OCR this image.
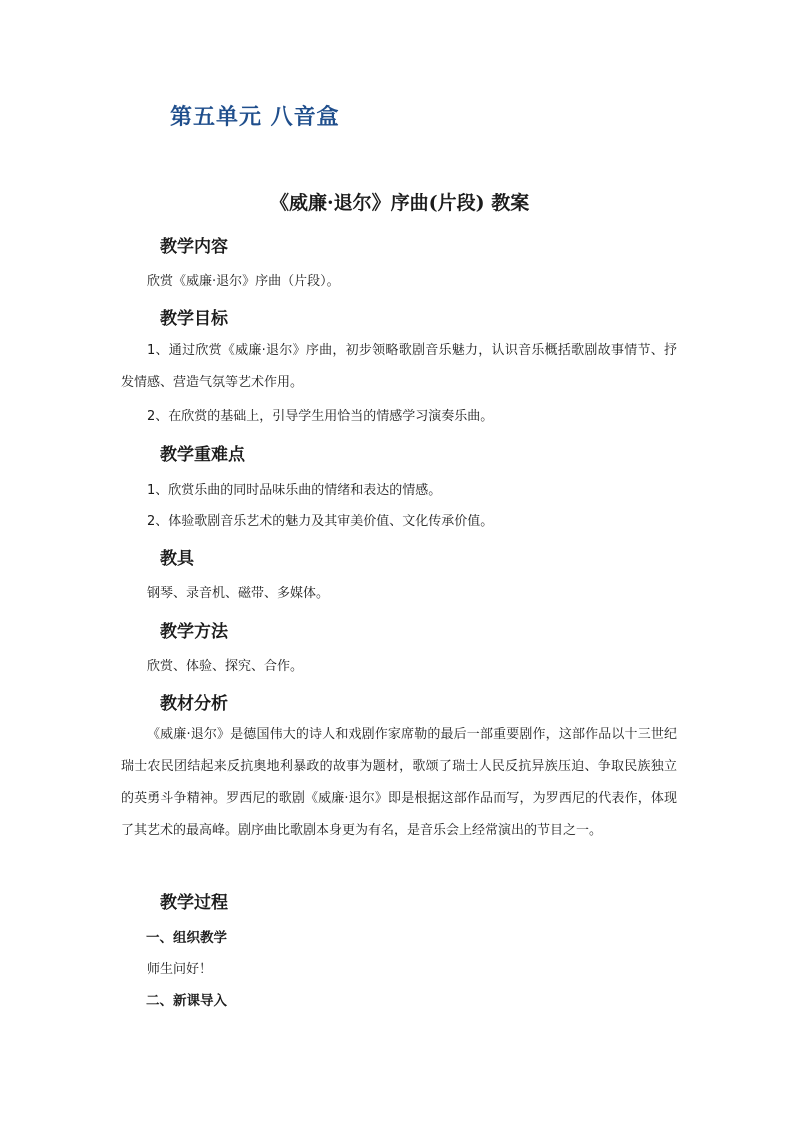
第五单元 八音盒
《威廉·退尔》序曲(片段) 教案
教学内容
欣赏《威廉·退尔》序曲（片段）。
教学目标
1、通过欣赏《威廉·退尔》序曲，初步领略歌剧音乐魅力，认识音乐概括歌剧故事情节、抒发情感、营造气氛等艺术作用。
2、在欣赏的基础上，引导学生用恰当的情感学习演奏乐曲。
教学重难点
1、欣赏乐曲的同时品味乐曲的情绪和表达的情感。
2、体验歌剧音乐艺术的魅力及其审美价值、文化传承价值。
教具
钢琴、录音机、磁带、多媒体。
教学方法
欣赏、体验、探究、合作。
教材分析
《威廉·退尔》是德国伟大的诗人和戏剧作家席勒的最后一部重要剧作，这部作品以十三世纪瑞士农民团结起来反抗奥地利暴政的故事为题材，歌颂了瑞士人民反抗异族压迫、争取民族独立的英勇斗争精神。罗西尼的歌剧《威廉·退尔》即是根据这部作品而写，为罗西尼的代表作，体现了其艺术的最高峰。剧序曲比歌剧本身更为有名，是音乐会上经常演出的节目之一。
教学过程
一、组织教学
师生问好！
二、新课导入
